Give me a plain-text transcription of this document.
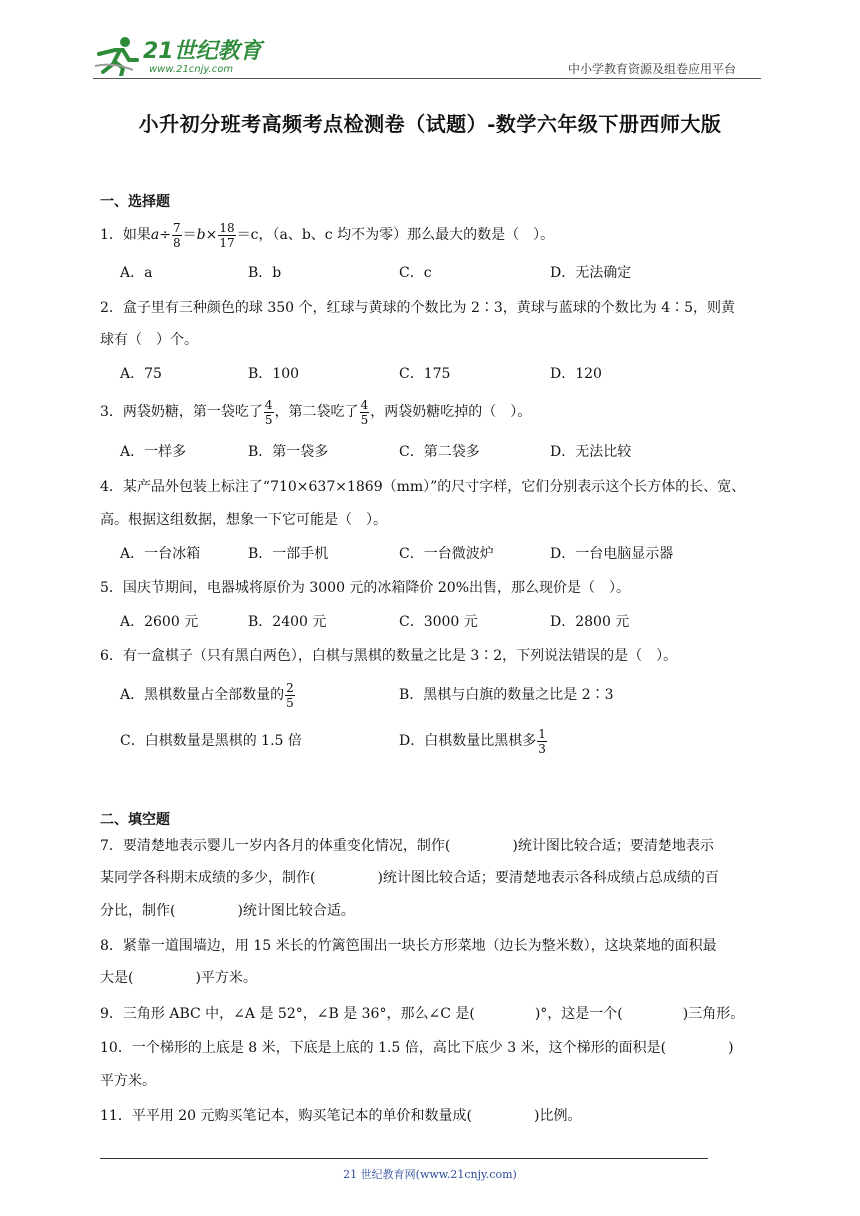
21世纪教育
www.21cnjy.com	中小学教育资源及组卷应用平台
小升初分班考高频考点检测卷（试题）-数学六年级下册西师大版
一、选择题
1．如果 $a \div \frac{7}{8} = b \times \frac{18}{17} =c$，（a、b、c 均不为零）那么最大的数是（　）。
A．a	B．b	C．c	D．无法确定
2．盒子里有三种颜色的球 350 个，红球与黄球的个数比为 2∶3，黄球与蓝球的个数比为 4∶5，则黄
球有（　）个。
A．75	B．100	C．175	D．120
3．两袋奶糖，第一袋吃了 $\frac{4}{5}$ ，第二袋吃了 $\frac{4}{5}$ ，两袋奶糖吃掉的（　）。
A．一样多	B．第一袋多	C．第二袋多	D．无法比较
4．某产品外包装上标注了“710×637×1869（mm）”的尺寸字样，它们分别表示这个长方体的长、宽、
高。根据这组数据，想象一下它可能是（　）。
A．一台冰箱	B．一部手机	C．一台微波炉	D．一台电脑显示器
5．国庆节期间，电器城将原价为 3000 元的冰箱降价 20%出售，那么现价是（　）。
A．2600 元	B．2400 元	C．3000 元	D．2800 元
6．有一盒棋子（只有黑白两色），白棋与黑棋的数量之比是 3∶2，下列说法错误的是（　）。
A．黑棋数量占全部数量的 $\frac{2}{5}$	B．黑棋与白旗的数量之比是 2∶3
C．白棋数量是黑棋的 1.5 倍	D．白棋数量比黑棋多 $\frac{1}{3}$
二、填空题
7．要清楚地表示婴儿一岁内各月的体重变化情况，制作(	)统计图比较合适；要清楚地表示
某同学各科期末成绩的多少，制作(	)统计图比较合适；要清楚地表示各科成绩占总成绩的百
分比，制作(	)统计图比较合适。
8．紧靠一道围墙边，用 15 米长的竹篱笆围出一块长方形菜地（边长为整米数），这块菜地的面积最
大是(	)平方米。
9．三角形 ABC 中，∠A 是 52°，∠B 是 36°，那么∠C 是(	)°，这是一个(	)三角形。
10．一个梯形的上底是 8 米，下底是上底的 1.5 倍，高比下底少 3 米，这个梯形的面积是(	)
平方米。
11．平平用 20 元购买笔记本，购买笔记本的单价和数量成(	)比例。
21 世纪教育网(www.21cnjy.com)
